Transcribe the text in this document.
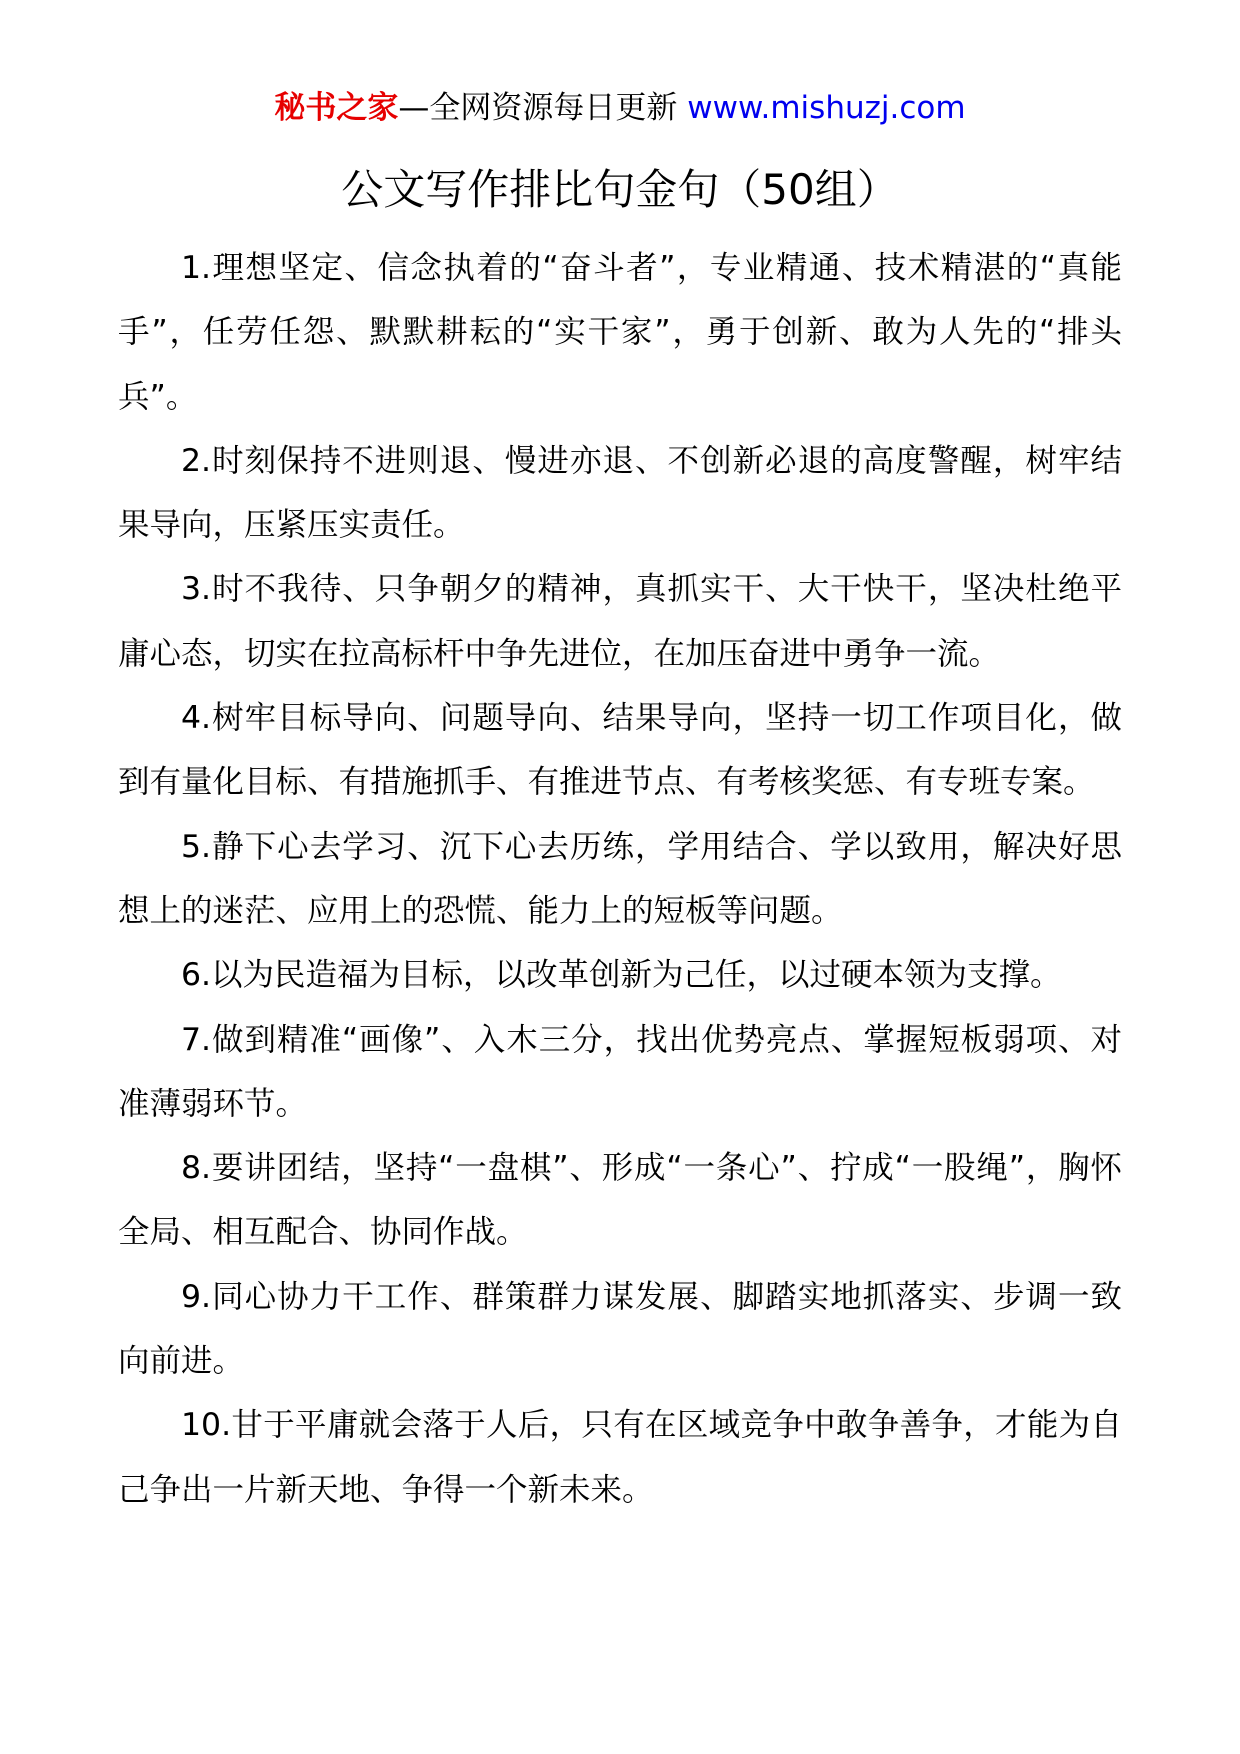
秘书之家—全网资源每日更新 www.mishuzj.com
公文写作排比句金句（50组）

1.理想坚定、信念执着的“奋斗者”，专业精通、技术精湛的“真能手”，任劳任怨、默默耕耘的“实干家”，勇于创新、敢为人先的“排头兵”。

2.时刻保持不进则退、慢进亦退、不创新必退的高度警醒，树牢结果导向，压紧压实责任。

3.时不我待、只争朝夕的精神，真抓实干、大干快干，坚决杜绝平庸心态，切实在拉高标杆中争先进位，在加压奋进中勇争一流。

4.树牢目标导向、问题导向、结果导向，坚持一切工作项目化，做到有量化目标、有措施抓手、有推进节点、有考核奖惩、有专班专案。

5.静下心去学习、沉下心去历练，学用结合、学以致用，解决好思想上的迷茫、应用上的恐慌、能力上的短板等问题。

6.以为民造福为目标，以改革创新为己任，以过硬本领为支撑。

7.做到精准“画像”、入木三分，找出优势亮点、掌握短板弱项、对准薄弱环节。

8.要讲团结，坚持“一盘棋”、形成“一条心”、拧成“一股绳”，胸怀全局、相互配合、协同作战。

9.同心协力干工作、群策群力谋发展、脚踏实地抓落实、步调一致向前进。

10.甘于平庸就会落于人后，只有在区域竞争中敢争善争，才能为自己争出一片新天地、争得一个新未来。
